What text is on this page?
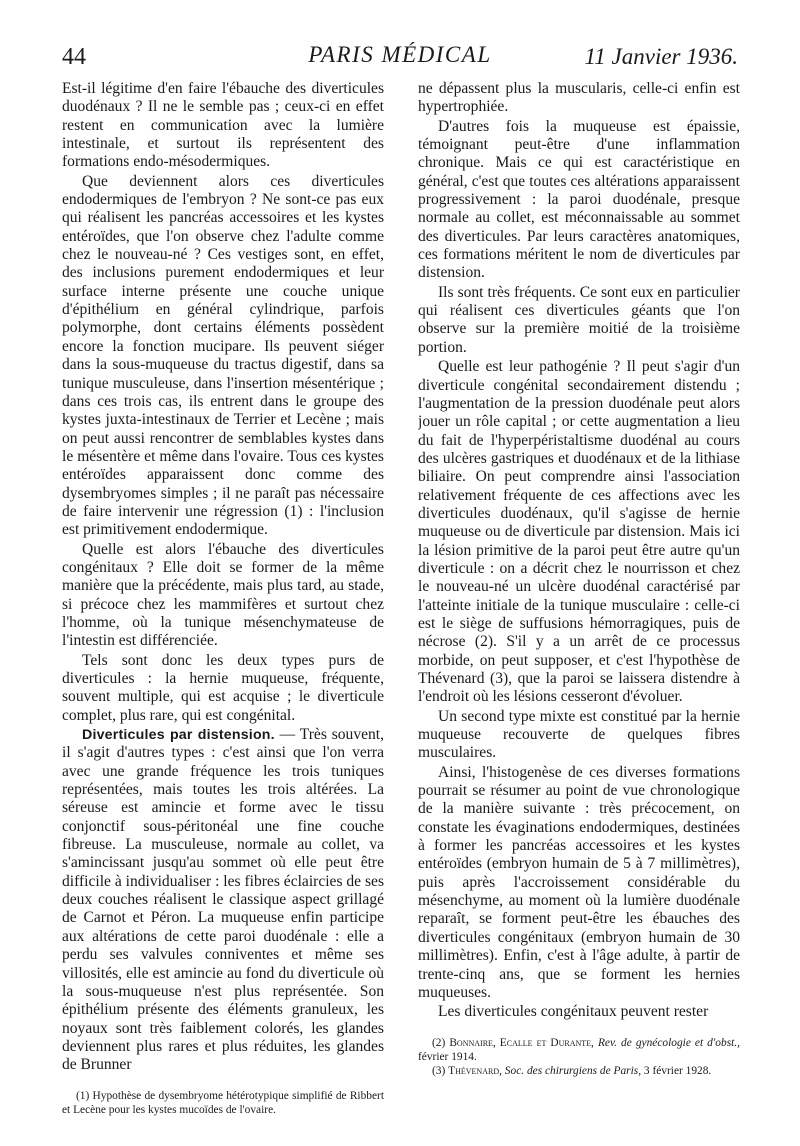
44	PARIS MÉDICAL	11 Janvier 1936.

Est-il légitime d'en faire l'ébauche des diverticules duodénaux ? Il ne le semble pas ; ceux-ci en effet restent en communication avec la lumière intestinale, et surtout ils représentent des formations endo-mésodermiques.

Que deviennent alors ces diverticules endodermiques de l'embryon ? Ne sont-ce pas eux qui réalisent les pancréas accessoires et les kystes entéroïdes, que l'on observe chez l'adulte comme chez le nouveau-né ? Ces vestiges sont, en effet, des inclusions purement endodermiques et leur surface interne présente une couche unique d'épithélium en général cylindrique, parfois polymorphe, dont certains éléments possèdent encore la fonction mucipare. Ils peuvent siéger dans la sous-muqueuse du tractus digestif, dans sa tunique musculeuse, dans l'insertion mésentérique ; dans ces trois cas, ils entrent dans le groupe des kystes juxta-intestinaux de Terrier et Lecène ; mais on peut aussi rencontrer de semblables kystes dans le mésentère et même dans l'ovaire. Tous ces kystes entéroïdes apparaissent donc comme des dysembryomes simples ; il ne paraît pas nécessaire de faire intervenir une régression (1) : l'inclusion est primitivement endodermique.

Quelle est alors l'ébauche des diverticules congénitaux ? Elle doit se former de la même manière que la précédente, mais plus tard, au stade, si précoce chez les mammifères et surtout chez l'homme, où la tunique mésenchymateuse de l'intestin est différenciée.

Tels sont donc les deux types purs de diverticules : la hernie muqueuse, fréquente, souvent multiple, qui est acquise ; le diverticule complet, plus rare, qui est congénital.

Diverticules par distension. — Très souvent, il s'agit d'autres types : c'est ainsi que l'on verra avec une grande fréquence les trois tuniques représentées, mais toutes les trois altérées. La séreuse est amincie et forme avec le tissu conjonctif sous-péritonéal une fine couche fibreuse. La musculeuse, normale au collet, va s'amincissant jusqu'au sommet où elle peut être difficile à individualiser : les fibres éclaircies de ses deux couches réalisent le classique aspect grillagé de Carnot et Péron. La muqueuse enfin participe aux altérations de cette paroi duodénale : elle a perdu ses valvules conniventes et même ses villosités, elle est amincie au fond du diverticule où la sous-muqueuse n'est plus représentée. Son épithélium présente des éléments granuleux, les noyaux sont très faiblement colorés, les glandes deviennent plus rares et plus réduites, les glandes de Brunner

(1) Hypothèse de dysembryome hétérotypique simplifié de Ribbert et Lecène pour les kystes mucoïdes de l'ovaire.

ne dépassent plus la muscularis, celle-ci enfin est hypertrophiée.

D'autres fois la muqueuse est épaissie, témoignant peut-être d'une inflammation chronique. Mais ce qui est caractéristique en général, c'est que toutes ces altérations apparaissent progressivement : la paroi duodénale, presque normale au collet, est méconnaissable au sommet des diverticules. Par leurs caractères anatomiques, ces formations méritent le nom de diverticules par distension.

Ils sont très fréquents. Ce sont eux en particulier qui réalisent ces diverticules géants que l'on observe sur la première moitié de la troisième portion.

Quelle est leur pathogénie ? Il peut s'agir d'un diverticule congénital secondairement distendu ; l'augmentation de la pression duodénale peut alors jouer un rôle capital ; or cette augmentation a lieu du fait de l'hyperpéristaltisme duodénal au cours des ulcères gastriques et duodénaux et de la lithiase biliaire. On peut comprendre ainsi l'association relativement fréquente de ces affections avec les diverticules duodénaux, qu'il s'agisse de hernie muqueuse ou de diverticule par distension. Mais ici la lésion primitive de la paroi peut être autre qu'un diverticule : on a décrit chez le nourrisson et chez le nouveau-né un ulcère duodénal caractérisé par l'atteinte initiale de la tunique musculaire : celle-ci est le siège de suffusions hémorragiques, puis de nécrose (2). S'il y a un arrêt de ce processus morbide, on peut supposer, et c'est l'hypothèse de Thévenard (3), que la paroi se laissera distendre à l'endroit où les lésions cesseront d'évoluer.

Un second type mixte est constitué par la hernie muqueuse recouverte de quelques fibres musculaires.

Ainsi, l'histogenèse de ces diverses formations pourrait se résumer au point de vue chronologique de la manière suivante : très précocement, on constate les évaginations endodermiques, destinées à former les pancréas accessoires et les kystes entéroïdes (embryon humain de 5 à 7 millimètres), puis après l'accroissement considérable du mésenchyme, au moment où la lumière duodénale reparaît, se forment peut-être les ébauches des diverticules congénitaux (embryon humain de 30 millimètres). Enfin, c'est à l'âge adulte, à partir de trente-cinq ans, que se forment les hernies muqueuses.

Les diverticules congénitaux peuvent rester

(2) Bonnaire, Ecalle et Durante, Rev. de gynécologie et d'obst., février 1914.

(3) Thévenard, Soc. des chirurgiens de Paris, 3 février 1928.
